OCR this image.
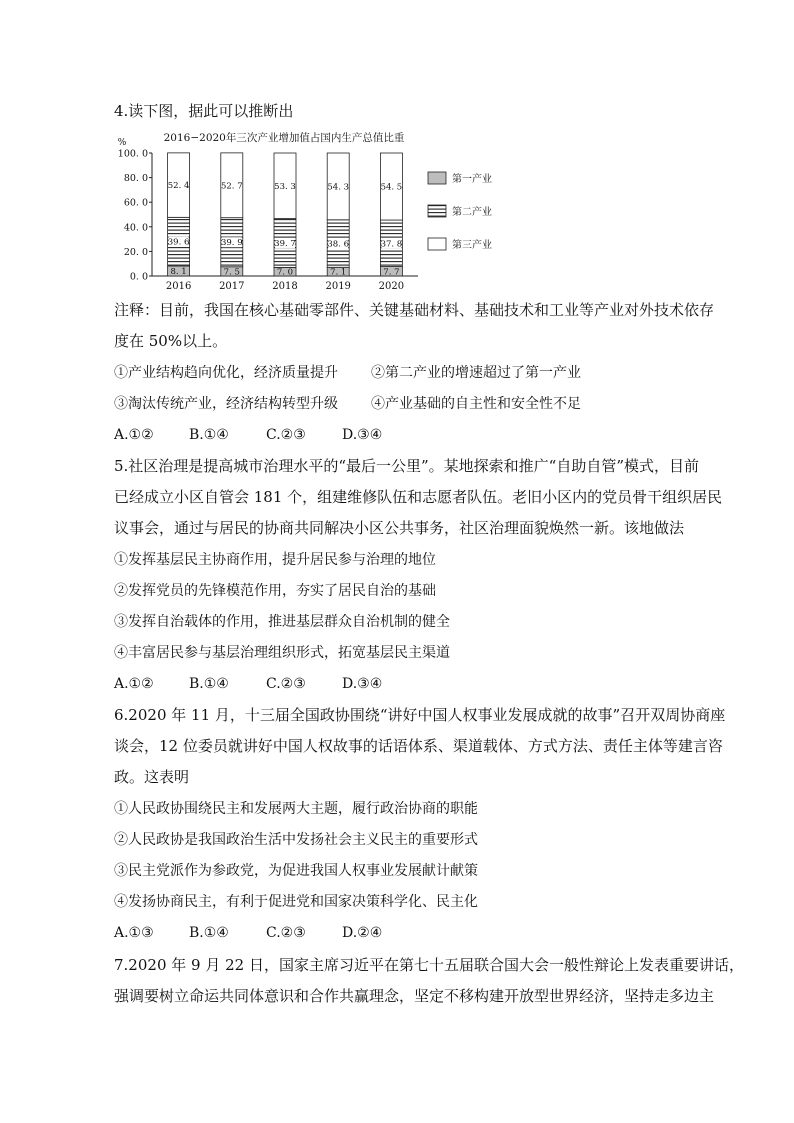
4.读下图，据此可以推断出
2016−2020年三次产业增加值占国内生产总值比重
%
0. 0
20. 0
40. 0
60. 0
80. 0
100. 0
8. 1
39. 6
52. 4
2016
7. 5
39. 9
52. 7
2017
7. 0
39. 7
53. 3
2018
7. 1
38. 6
54. 3
2019
7. 7
37. 8
54. 5
2020
第一产业
第二产业
第三产业
注释：目前，我国在核心基础零部件、关键基础材料、基础技术和工业等产业对外技术依存
度在 50%以上。
①产业结构趋向优化，经济质量提升 ②第二产业的增速超过了第一产业
③淘汰传统产业，经济结构转型升级 ④产业基础的自主性和安全性不足
A.①②	B.①④	C.②③	D.③④
5.社区治理是提高城市治理水平的“最后一公里”。某地探索和推广“自助自管”模式，目前
已经成立小区自管会 181 个，组建维修队伍和志愿者队伍。老旧小区内的党员骨干组织居民
议事会，通过与居民的协商共同解决小区公共事务，社区治理面貌焕然一新。该地做法
①发挥基层民主协商作用，提升居民参与治理的地位
②发挥党员的先锋模范作用，夯实了居民自治的基础
③发挥自治载体的作用，推进基层群众自治机制的健全
④丰富居民参与基层治理组织形式，拓宽基层民主渠道
A.①②	B.①④	C.②③	D.③④
6.2020 年 11 月，十三届全国政协围绕“讲好中国人权事业发展成就的故事”召开双周协商座
谈会，12 位委员就讲好中国人权故事的话语体系、渠道载体、方式方法、责任主体等建言咨
政。这表明
①人民政协围绕民主和发展两大主题，履行政治协商的职能
②人民政协是我国政治生活中发扬社会主义民主的重要形式
③民主党派作为参政党，为促进我国人权事业发展献计献策
④发扬协商民主，有利于促进党和国家决策科学化、民主化
A.①③	B.①④	C.②③	D.②④
7.2020 年 9 月 22 日，国家主席习近平在第七十五届联合国大会一般性辩论上发表重要讲话，
强调要树立命运共同体意识和合作共赢理念，坚定不移构建开放型世界经济，坚持走多边主
